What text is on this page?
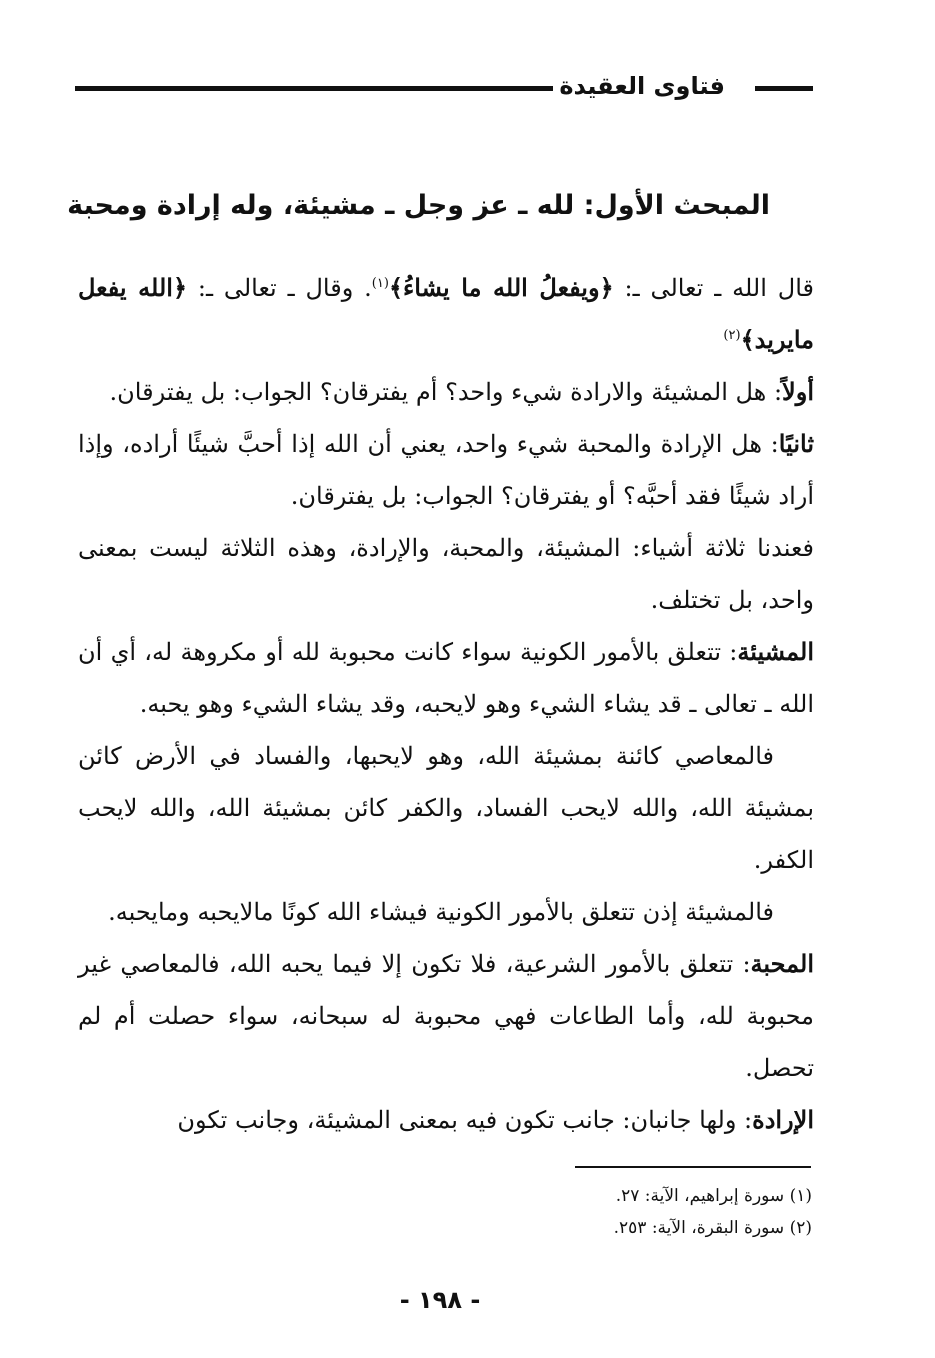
فتاوى العقيدة
المبحث الأول: لله ـ عز وجل ـ مشيئة، وله إرادة ومحبة

قال الله ـ تعالى ـ: ﴿ويفعلُ الله ما يشاءُ﴾$^{(١)}$. وقال ـ تعالى ـ: ﴿الله يفعل مايريد﴾$^{(٢)}$

أولاً: هل المشيئة والارادة شيء واحد؟ أم يفترقان؟ الجواب: بل يفترقان.

ثانيًا: هل الإرادة والمحبة شيء واحد، يعني أن الله إذا أحبَّ شيئًا أراده، وإذا أراد شيئًا فقد أحبَّه؟ أو يفترقان؟ الجواب: بل يفترقان.

فعندنا ثلاثة أشياء: المشيئة، والمحبة، والإرادة، وهذه الثلاثة ليست بمعنى واحد، بل تختلف.

المشيئة: تتعلق بالأمور الكونية سواء كانت محبوبة لله أو مكروهة له، أي أن الله ـ تعالى ـ قد يشاء الشيء وهو لايحبه، وقد يشاء الشيء وهو يحبه.

فالمعاصي كائنة بمشيئة الله، وهو لايحبها، والفساد في الأرض كائن بمشيئة الله، والله لايحب الفساد، والكفر كائن بمشيئة الله، والله لايحب الكفر.

فالمشيئة إذن تتعلق بالأمور الكونية فيشاء الله كونًا مالايحبه ومايحبه.

المحبة: تتعلق بالأمور الشرعية، فلا تكون إلا فيما يحبه الله، فالمعاصي غير محبوبة لله، وأما الطاعات فهي محبوبة له سبحانه، سواء حصلت أم لم تحصل.

الإرادة: ولها جانبان: جانب تكون فيه بمعنى المشيئة، وجانب تكون

(١) سورة إبراهيم، الآية: ٢٧.

(٢) سورة البقرة، الآية: ٢٥٣.

- ١٩٨ -
